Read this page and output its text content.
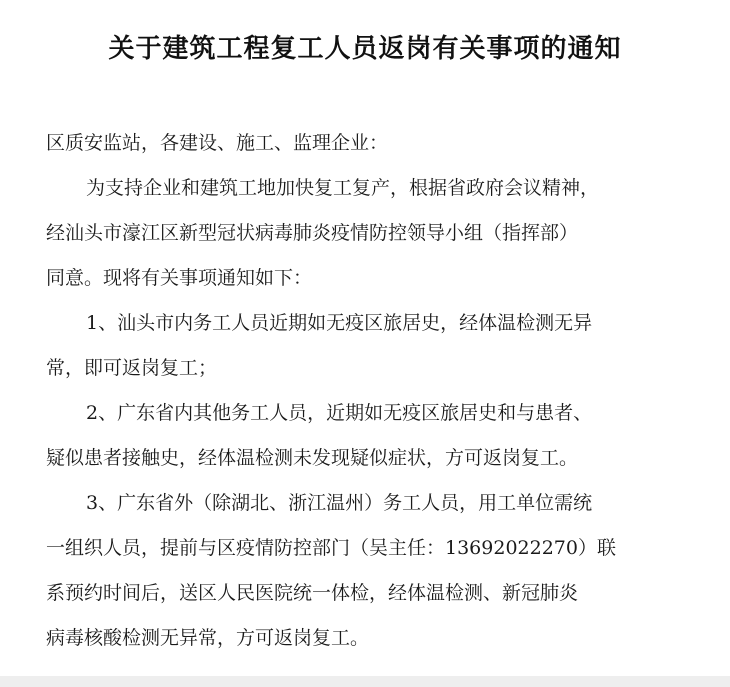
关于建筑工程复工人员返岗有关事项的通知
区质安监站，各建设、施工、监理企业：
为支持企业和建筑工地加快复工复产，根据省政府会议精神，
经汕头市濠江区新型冠状病毒肺炎疫情防控领导小组（指挥部）
同意。现将有关事项通知如下：
1、汕头市内务工人员近期如无疫区旅居史，经体温检测无异
常，即可返岗复工；
2、广东省内其他务工人员，近期如无疫区旅居史和与患者、
疑似患者接触史，经体温检测未发现疑似症状，方可返岗复工。
3、广东省外（除湖北、浙江温州）务工人员，用工单位需统
一组织人员，提前与区疫情防控部门（吴主任：13692022270）联
系预约时间后，送区人民医院统一体检，经体温检测、新冠肺炎
病毒核酸检测无异常，方可返岗复工。
